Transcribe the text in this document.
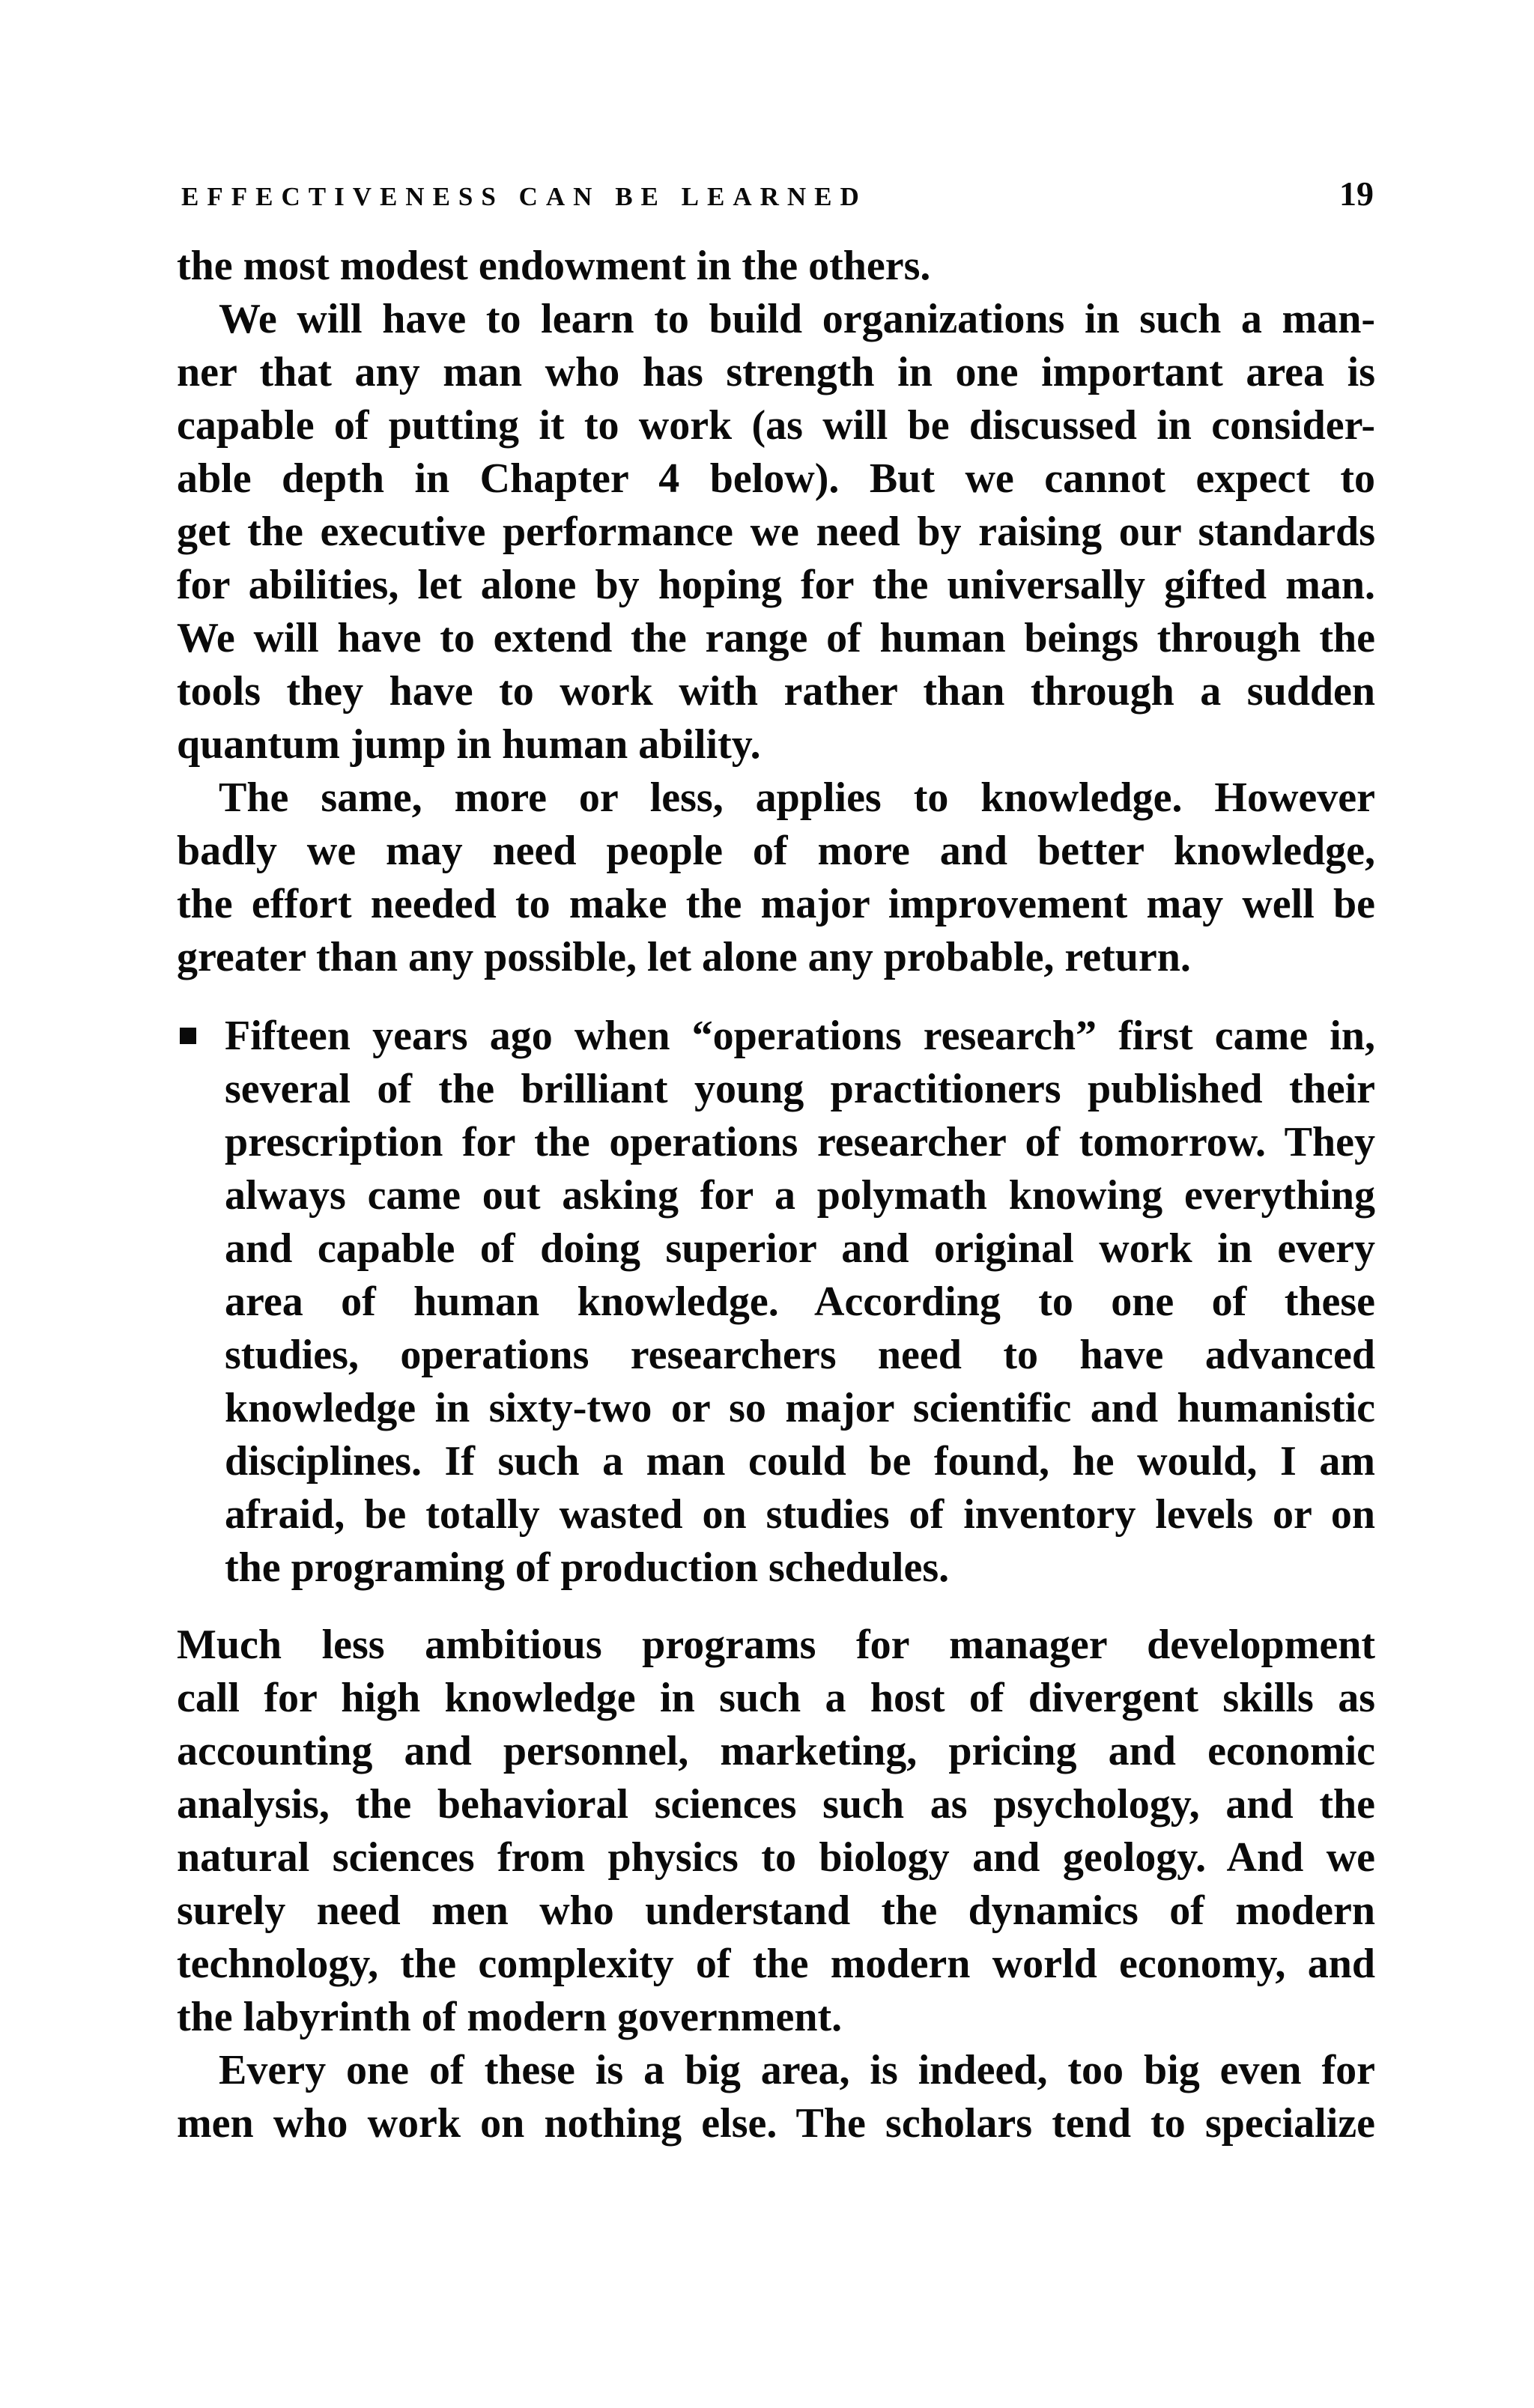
EFFECTIVENESS CAN BE LEARNED	19
the most modest endowment in the others.
We will have to learn to build organizations in such a man-
ner that any man who has strength in one important area is
capable of putting it to work (as will be discussed in consider-
able depth in Chapter 4 below). But we cannot expect to
get the executive performance we need by raising our standards
for abilities, let alone by hoping for the universally gifted man.
We will have to extend the range of human beings through the
tools they have to work with rather than through a sudden
quantum jump in human ability.
The same, more or less, applies to knowledge. However
badly we may need people of more and better knowledge,
the effort needed to make the major improvement may well be
greater than any possible, let alone any probable, return.
Fifteen years ago when “operations research” first came in,
several of the brilliant young practitioners published their
prescription for the operations researcher of tomorrow. They
always came out asking for a polymath knowing everything
and capable of doing superior and original work in every
area of human knowledge. According to one of these
studies, operations researchers need to have advanced
knowledge in sixty-two or so major scientific and humanistic
disciplines. If such a man could be found, he would, I am
afraid, be totally wasted on studies of inventory levels or on
the programing of production schedules.
Much less ambitious programs for manager development
call for high knowledge in such a host of divergent skills as
accounting and personnel, marketing, pricing and economic
analysis, the behavioral sciences such as psychology, and the
natural sciences from physics to biology and geology. And we
surely need men who understand the dynamics of modern
technology, the complexity of the modern world economy, and
the labyrinth of modern government.
Every one of these is a big area, is indeed, too big even for
men who work on nothing else. The scholars tend to specialize
